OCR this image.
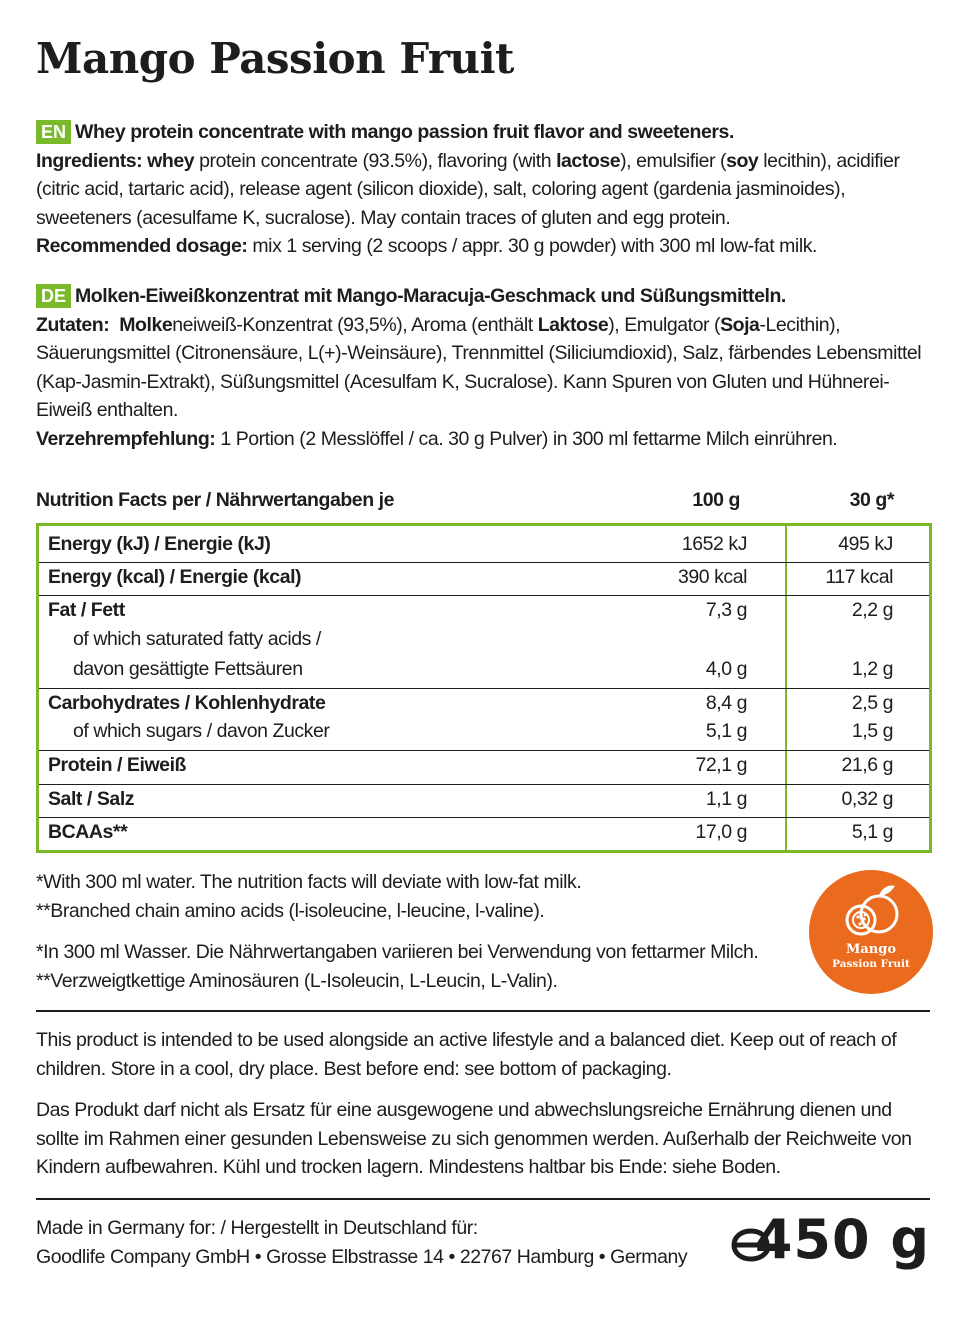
Mango Passion Fruit
EN Whey protein concentrate with mango passion fruit flavor and sweeteners.
Ingredients: whey protein concentrate (93.5%), flavoring (with lactose), emulsifier (soy lecithin), acidifier (citric acid, tartaric acid), release agent (silicon dioxide), salt, coloring agent (gardenia jasminoides), sweeteners (acesulfame K, sucralose). May contain traces of gluten and egg protein.
Recommended dosage: mix 1 serving (2 scoops / appr. 30 g powder) with 300 ml low-fat milk.
DE Molken-Eiweißkonzentrat mit Mango-Maracuja-Geschmack und Süßungsmitteln.
Zutaten: Molkeneiweiß-Konzentrat (93,5%), Aroma (enthält Laktose), Emulgator (Soja-Lecithin), Säuerungsmittel (Citronensäure, L(+)-Weinsäure), Trennmittel (Siliciumdioxid), Salz, färbendes Lebensmittel (Kap-Jasmin-Extrakt), Süßungsmittel (Acesulfam K, Sucralose). Kann Spuren von Gluten und Hühnerei-Eiweiß enthalten.
Verzehrempfehlung: 1 Portion (2 Messlöffel / ca. 30 g Pulver) in 300 ml fettarme Milch einrühren.
Nutrition Facts per / Nährwertangaben je	100 g	30 g*
Energy (kJ) / Energie (kJ)	1652 kJ	495 kJ
Energy (kcal) / Energie (kcal)	390 kcal	117 kcal
Fat / Fett	7,3 g	2,2 g
of which saturated fatty acids /
davon gesättigte Fettsäuren	4,0 g	1,2 g
Carbohydrates / Kohlenhydrate	8,4 g	2,5 g
of which sugars / davon Zucker	5,1 g	1,5 g
Protein / Eiweiß	72,1 g	21,6 g
Salt / Salz	1,1 g	0,32 g
BCAAs**	17,0 g	5,1 g
*With 300 ml water. The nutrition facts will deviate with low-fat milk.
**Branched chain amino acids (l-isoleucine, l-leucine, l-valine).
*In 300 ml Wasser. Die Nährwertangaben variieren bei Verwendung von fettarmer Milch.
**Verzweigtkettige Aminosäuren (L-Isoleucin, L-Leucin, L-Valin).
Mango
Passion Fruit
This product is intended to be used alongside an active lifestyle and a balanced diet. Keep out of reach of children. Store in a cool, dry place. Best before end: see bottom of packaging.
Das Produkt darf nicht als Ersatz für eine ausgewogene und abwechslungsreiche Ernährung dienen und sollte im Rahmen einer gesunden Lebensweise zu sich genommen werden. Außerhalb der Reichweite von Kindern aufbewahren. Kühl und trocken lagern. Mindestens haltbar bis Ende: siehe Boden.
Made in Germany for: / Hergestellt in Deutschland für:
Goodlife Company GmbH • Grosse Elbstrasse 14 • 22767 Hamburg • Germany	450 g
